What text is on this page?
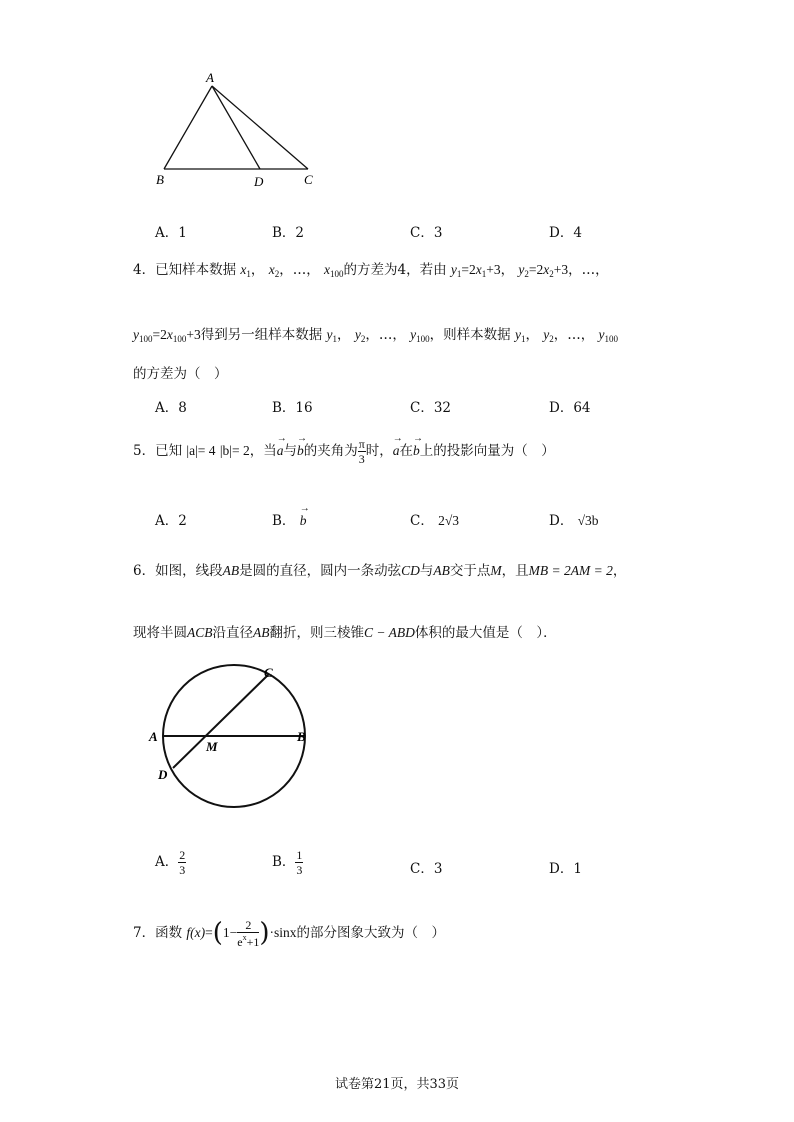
A
B	D	C
A．1	B．2	C．3	D．4
4．已知样本数据 $x_1$， $x_2$，…， $x_{100}$的方差为4，若由 $y_1=2x_1+3$， $y_2=2x_2+3$，…，
$y_{100}=2x_{100}+3$得到另一组样本数据 $y_1$， $y_2$，…， $y_{100}$，则样本数据 $y_1$， $y_2$，…， $y_{100}$
的方差为（　）
A．8	B．16	C．32	D．64
5．已知 |a|= 4 |b|= 2，当→ a与→ b的夹角为 $\frac{\pi}{3}$ 时，→ a在→ b上的投影向量为（　）
A．2	B． → b	C． 2√3	D． √3b
6．如图，线段AB是圆的直径，圆内一条动弦CD与AB交于点M，且MB = 2AM = 2，
现将半圆ACB沿直径AB翻折，则三棱锥C − ABD体积的最大值是（　）．
A	B
C
D
M
A． $\frac{2}{3}$	B． $\frac{1}{3}$	C．3	D．1
7．函数 $f(x)=(1- \frac{2}{e^x+1} )\cdot\sin x$的部分图象大致为（　）
试卷第21页，共33页
